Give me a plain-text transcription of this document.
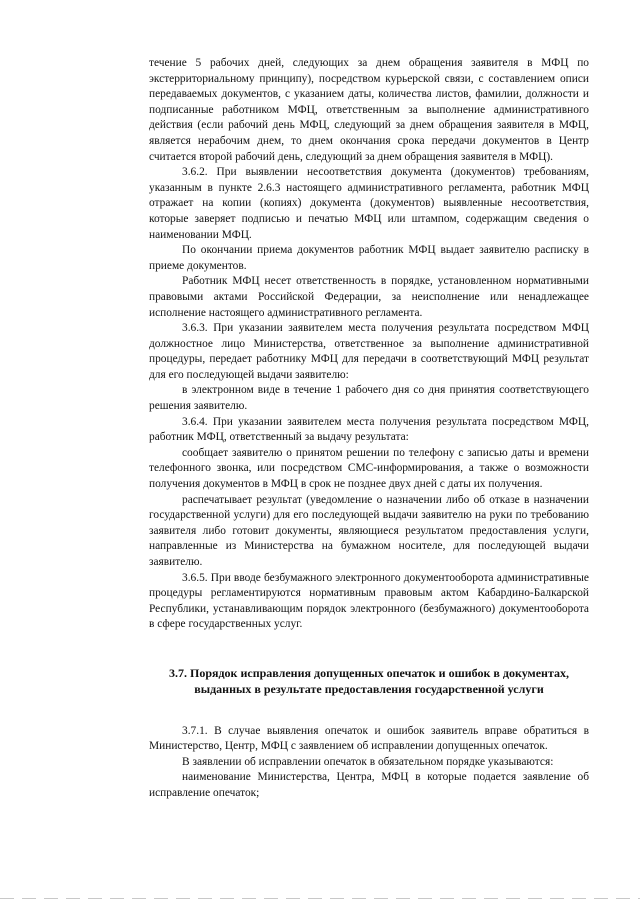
течение 5 рабочих дней, следующих за днем обращения заявителя в МФЦ по экстерриториальному принципу), посредством курьерской связи, с составлением описи передаваемых документов, с указанием даты, количества листов, фамилии, должности и подписанные работником МФЦ, ответственным за выполнение административного действия (если рабочий день МФЦ, следующий за днем обращения заявителя в МФЦ, является нерабочим днем, то днем окончания срока передачи документов в Центр считается второй рабочий день, следующий за днем обращения заявителя в МФЦ).

3.6.2. При выявлении несоответствия документа (документов) требованиям, указанным в пункте 2.6.3 настоящего административного регламента, работник МФЦ отражает на копии (копиях) документа (документов) выявленные несоответствия, которые заверяет подписью и печатью МФЦ или штампом, содержащим сведения о наименовании МФЦ.

По окончании приема документов работник МФЦ выдает заявителю расписку в приеме документов.

Работник МФЦ несет ответственность в порядке, установленном нормативными правовыми актами Российской Федерации, за неисполнение или ненадлежащее исполнение настоящего административного регламента.

3.6.3. При указании заявителем места получения результата посредством МФЦ должностное лицо Министерства, ответственное за выполнение административной процедуры, передает работнику МФЦ для передачи в соответствующий МФЦ результат для его последующей выдачи заявителю:

в электронном виде в течение 1 рабочего дня со дня принятия соответствующего решения заявителю.

3.6.4. При указании заявителем места получения результата посредством МФЦ, работник МФЦ, ответственный за выдачу результата:

сообщает заявителю о принятом решении по телефону с записью даты и времени телефонного звонка, или посредством СМС-информирования, а также о возможности получения документов в МФЦ в срок не позднее двух дней с даты их получения.

распечатывает результат (уведомление о назначении либо об отказе в назначении государственной услуги) для его последующей выдачи заявителю на руки по требованию заявителя либо готовит документы, являющиеся результатом предоставления услуги, направленные из Министерства на бумажном носителе, для последующей выдачи заявителю.

3.6.5. При вводе безбумажного электронного документооборота административные процедуры регламентируются нормативным правовым актом Кабардино-Балкарской Республики, устанавливающим порядок электронного (безбумажного) документооборота в сфере государственных услуг.

3.7. Порядок исправления допущенных опечаток и ошибок в документах, выданных в результате предоставления государственной услуги

3.7.1. В случае выявления опечаток и ошибок заявитель вправе обратиться в Министерство, Центр, МФЦ с заявлением об исправлении допущенных опечаток.

В заявлении об исправлении опечаток в обязательном порядке указываются:

наименование Министерства, Центра, МФЦ в которые подается заявление об исправление опечаток;
